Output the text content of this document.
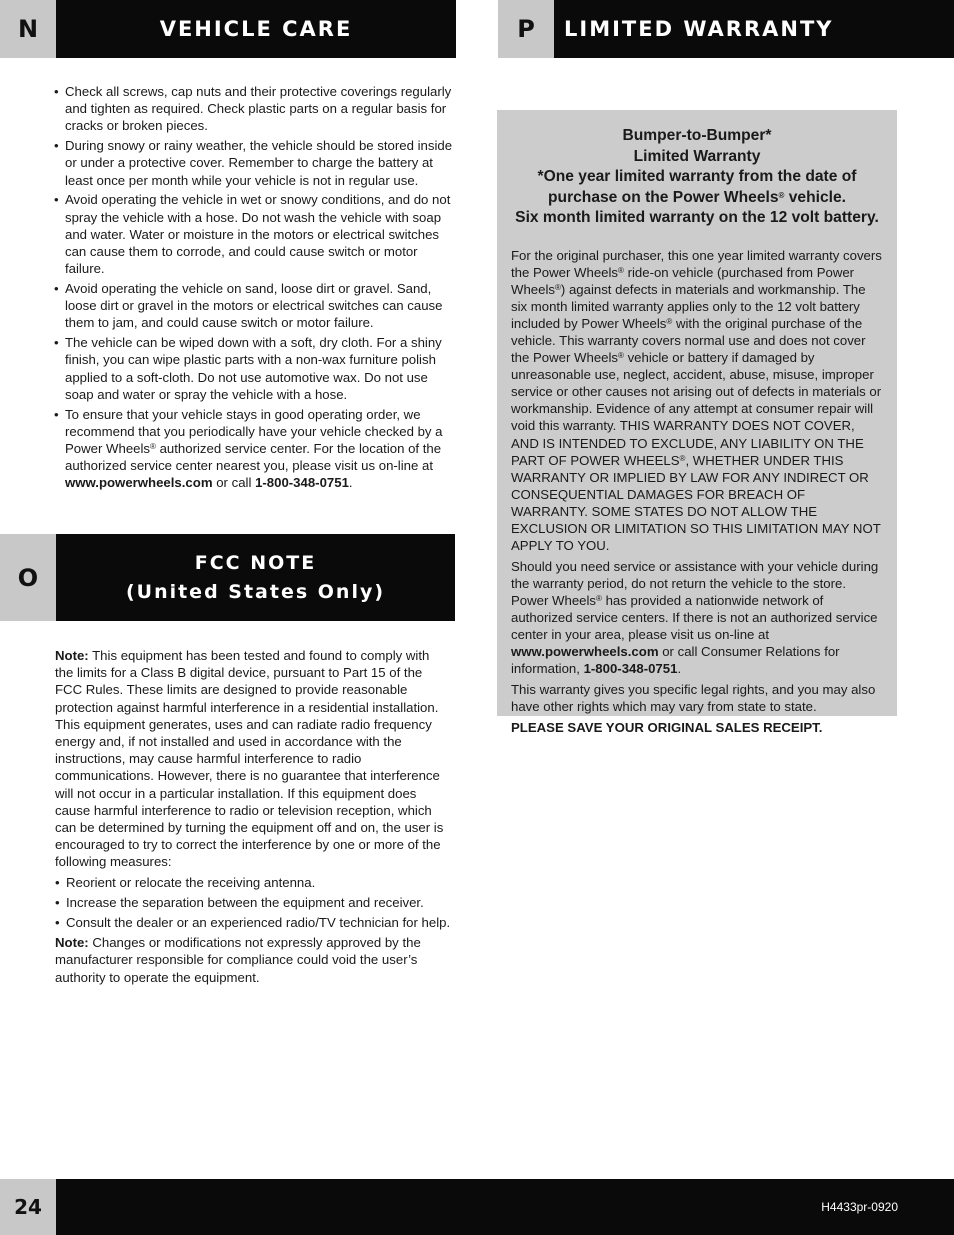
N	VEHICLE CARE	P	LIMITED WARRANTY
• Check all screws, cap nuts and their protective coverings regularly and tighten as required. Check plastic parts on a regular basis for cracks or broken pieces.
• During snowy or rainy weather, the vehicle should be stored inside or under a protective cover. Remember to charge the battery at least once per month while your vehicle is not in regular use.
• Avoid operating the vehicle in wet or snowy conditions, and do not spray the vehicle with a hose. Do not wash the vehicle with soap and water. Water or moisture in the motors or electrical switches can cause them to corrode, and could cause switch or motor failure.
• Avoid operating the vehicle on sand, loose dirt or gravel. Sand, loose dirt or gravel in the motors or electrical switches can cause them to jam, and could cause switch or motor failure.
• The vehicle can be wiped down with a soft, dry cloth. For a shiny finish, you can wipe plastic parts with a non-wax furniture polish applied to a soft-cloth. Do not use automotive wax. Do not use soap and water or spray the vehicle with a hose.
• To ensure that your vehicle stays in good operating order, we recommend that you periodically have your vehicle checked by a Power Wheels® authorized service center. For the location of the authorized service center nearest you, please visit us on-line at www.powerwheels.com or call 1-800-348-0751.
O
FCC NOTE
(United States Only)

Note: This equipment has been tested and found to comply with the limits for a Class B digital device, pursuant to Part 15 of the FCC Rules. These limits are designed to provide reasonable protection against harmful interference in a residential installation. This equipment generates, uses and can radiate radio frequency energy and, if not installed and used in accordance with the instructions, may cause harmful interference to radio communications. However, there is no guarantee that interference will not occur in a particular installation. If this equipment does cause harmful interference to radio or television reception, which can be determined by turning the equipment off and on, the user is encouraged to try to correct the interference by one or more of the following measures:

• Reorient or relocate the receiving antenna.
• Increase the separation between the equipment and receiver.
• Consult the dealer or an experienced radio/TV technician for help.

Note: Changes or modifications not expressly approved by the manufacturer responsible for compliance could void the user’s authority to operate the equipment.

Bumper-to-Bumper*
Limited Warranty
*One year limited warranty from the date of
purchase on the Power Wheels® vehicle.
Six month limited warranty on the 12 volt battery.

For the original purchaser, this one year limited warranty covers the Power Wheels® ride-on vehicle (purchased from Power Wheels®) against defects in materials and workmanship. The six month limited warranty applies only to the 12 volt battery included by Power Wheels® with the original purchase of the vehicle. This warranty covers normal use and does not cover the Power Wheels® vehicle or battery if damaged by unreasonable use, neglect, accident, abuse, misuse, improper service or other causes not arising out of defects in materials or workmanship. Evidence of any attempt at consumer repair will void this warranty. THIS WARRANTY DOES NOT COVER, AND IS INTENDED TO EXCLUDE, ANY LIABILITY ON THE PART OF POWER WHEELS®, WHETHER UNDER THIS WARRANTY OR IMPLIED BY LAW FOR ANY INDIRECT OR CONSEQUENTIAL DAMAGES FOR BREACH OF WARRANTY. SOME STATES DO NOT ALLOW THE EXCLUSION OR LIMITATION SO THIS LIMITATION MAY NOT APPLY TO YOU.

Should you need service or assistance with your vehicle during the warranty period, do not return the vehicle to the store. Power Wheels® has provided a nationwide network of authorized service centers. If there is not an authorized service center in your area, please visit us on-line at www.powerwheels.com or call Consumer Relations for information, 1-800-348-0751.

This warranty gives you specific legal rights, and you may also have other rights which may vary from state to state.

PLEASE SAVE YOUR ORIGINAL SALES RECEIPT.

24	H4433pr-0920
